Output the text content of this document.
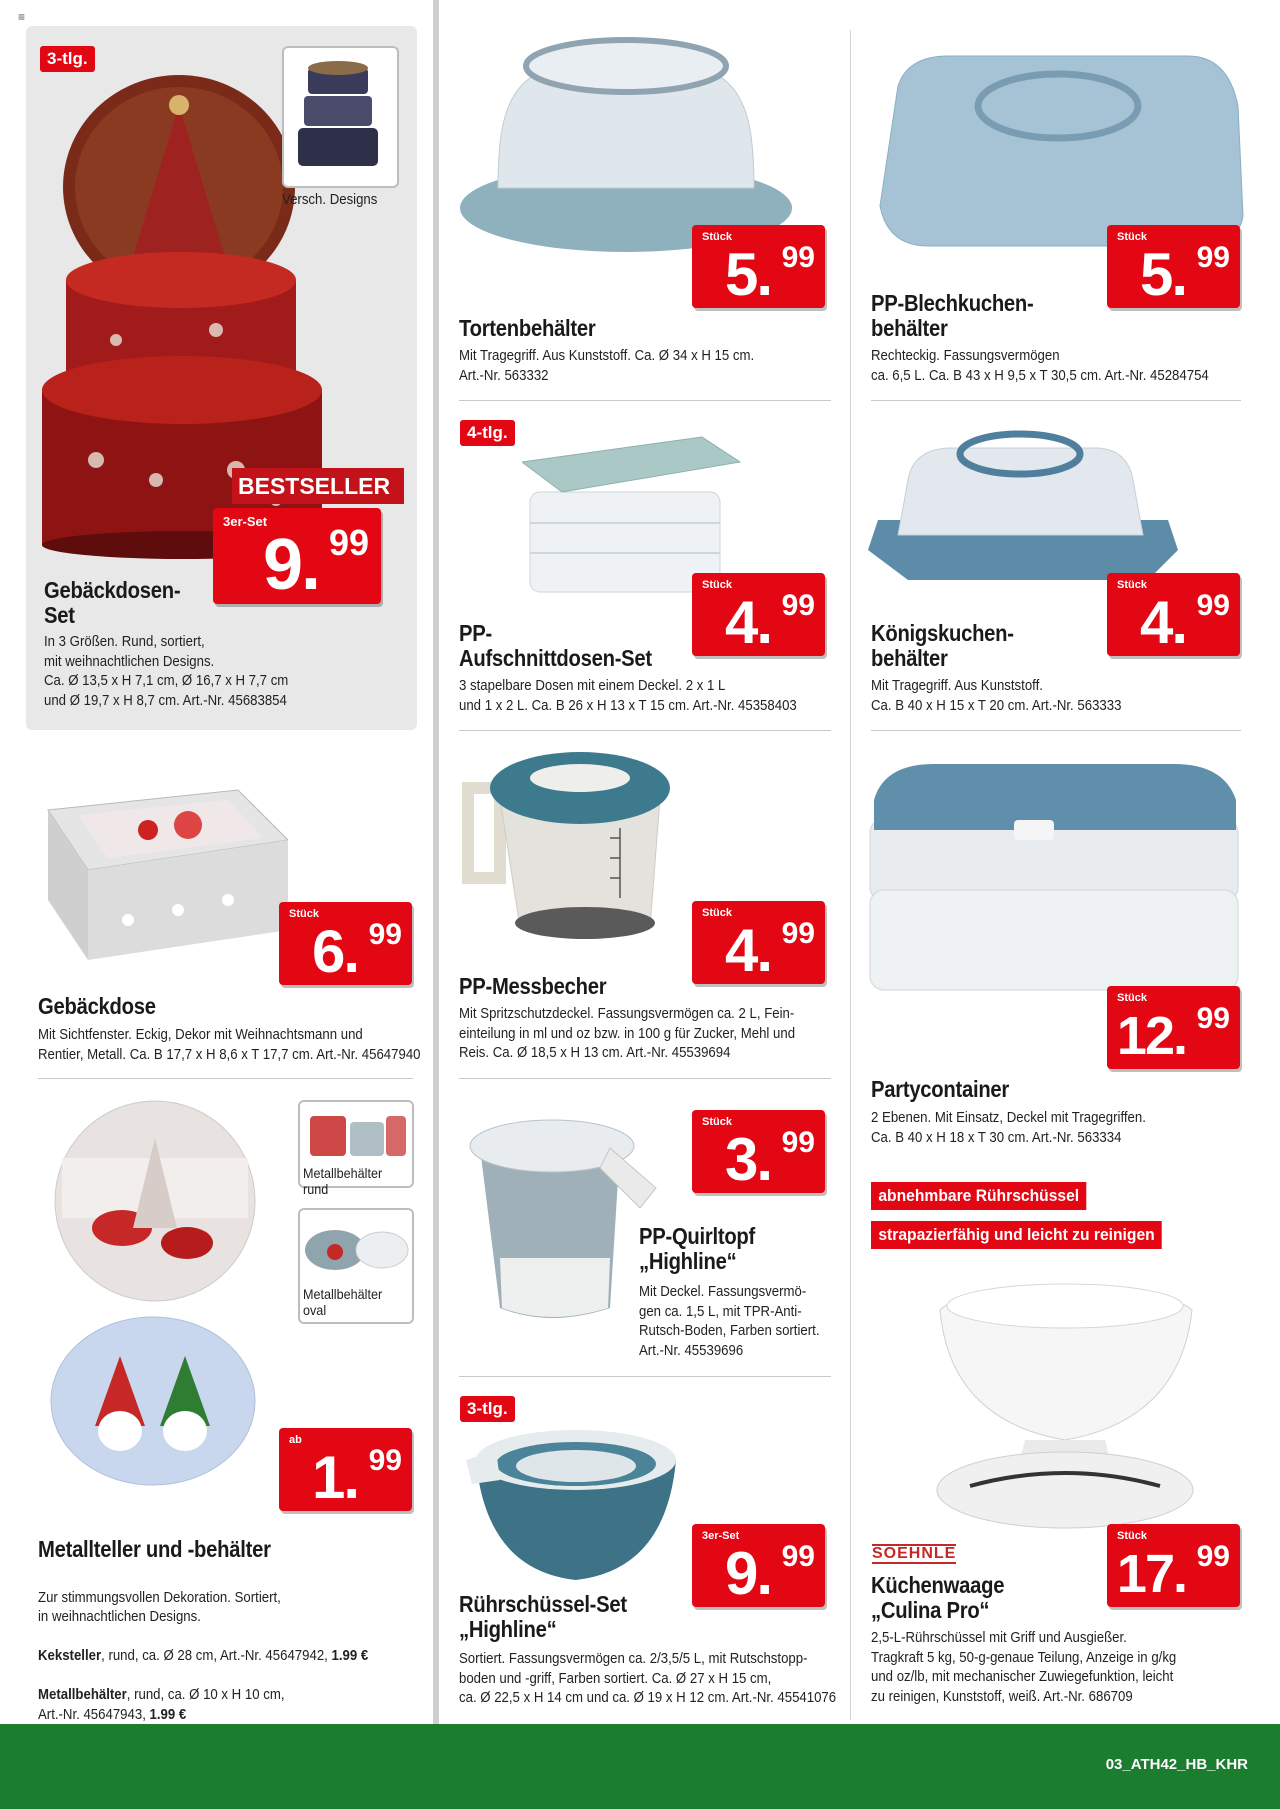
≡
3-tlg.
Versch. Designs
BESTSELLER
3er-Set
9. 99
Gebäckdosen-
Set
In 3 Größen. Rund, sortiert,
mit weihnachtlichen Designs.
Ca. Ø 13,5 x H 7,1 cm, Ø 16,7 x H 7,7 cm
und Ø 19,7 x H 8,7 cm. Art.-Nr. 45683854
Stück
6. 99
Gebäckdose
Mit Sichtfenster. Eckig, Dekor mit Weihnachtsmann und
Rentier, Metall. Ca. B 17,7 x H 8,6 x T 17,7 cm. Art.-Nr. 45647940
Metallbehälter
rund
Metallbehälter
oval
ab
1. 99
Metallteller und -behälter

Zur stimmungsvollen Dekoration. Sortiert,
in weihnachtlichen Designs.

Keksteller, rund, ca. Ø 28 cm, Art.-Nr. 45647942, 1.99 €

Metallbehälter, rund, ca. Ø 10 x H 10 cm,
Art.-Nr. 45647943, 1.99 €

Stück
5. 99
Tortenbehälter
Mit Tragegriff. Aus Kunststoff. Ca. Ø 34 x H 15 cm.
Art.-Nr. 563332
4-tlg.
Stück
4. 99
PP-
Aufschnittdosen-Set
3 stapelbare Dosen mit einem Deckel. 2 x 1 L
und 1 x 2 L. Ca. B 26 x H 13 x T 15 cm. Art.-Nr. 45358403
Stück
4. 99
PP-Messbecher
Mit Spritzschutzdeckel. Fassungsvermögen ca. 2 L, Fein-
einteilung in ml und oz bzw. in 100 g für Zucker, Mehl und
Reis. Ca. Ø 18,5 x H 13 cm. Art.-Nr. 45539694
Stück
3. 99
PP-Quirltopf
„Highline“
Mit Deckel. Fassungsvermö-
gen ca. 1,5 L, mit TPR-Anti-
Rutsch-Boden, Farben sortiert.
Art.-Nr. 45539696
3-tlg.
3er-Set
9. 99
Rührschüssel-Set
„Highline“
Sortiert. Fassungsvermögen ca. 2/3,5/5 L, mit Rutschstopp-
boden und -griff, Farben sortiert. Ca. Ø 27 x H 15 cm,
ca. Ø 22,5 x H 14 cm und ca. Ø 19 x H 12 cm. Art.-Nr. 45541076
Stück
5. 99
PP-Blechkuchen-
behälter
Rechteckig. Fassungsvermögen
ca. 6,5 L. Ca. B 43 x H 9,5 x T 30,5 cm. Art.-Nr. 45284754
Stück
4. 99
Königskuchen-
behälter
Mit Tragegriff. Aus Kunststoff.
Ca. B 40 x H 15 x T 20 cm. Art.-Nr. 563333
Stück
12. 99
Partycontainer
2 Ebenen. Mit Einsatz, Deckel mit Tragegriffen.
Ca. B 40 x H 18 x T 30 cm. Art.-Nr. 563334
abnehmbare Rührschüssel
strapazierfähig und leicht zu reinigen
SOEHNLE
Stück
17. 99
Küchenwaage
„Culina Pro“
2,5-L-Rührschüssel mit Griff und Ausgießer.
Tragkraft 5 kg, 50-g-genaue Teilung, Anzeige in g/kg
und oz/lb, mit mechanischer Zuwiegefunktion, leicht
zu reinigen, Kunststoff, weiß. Art.-Nr. 686709
03_ATH42_HB_KHR
